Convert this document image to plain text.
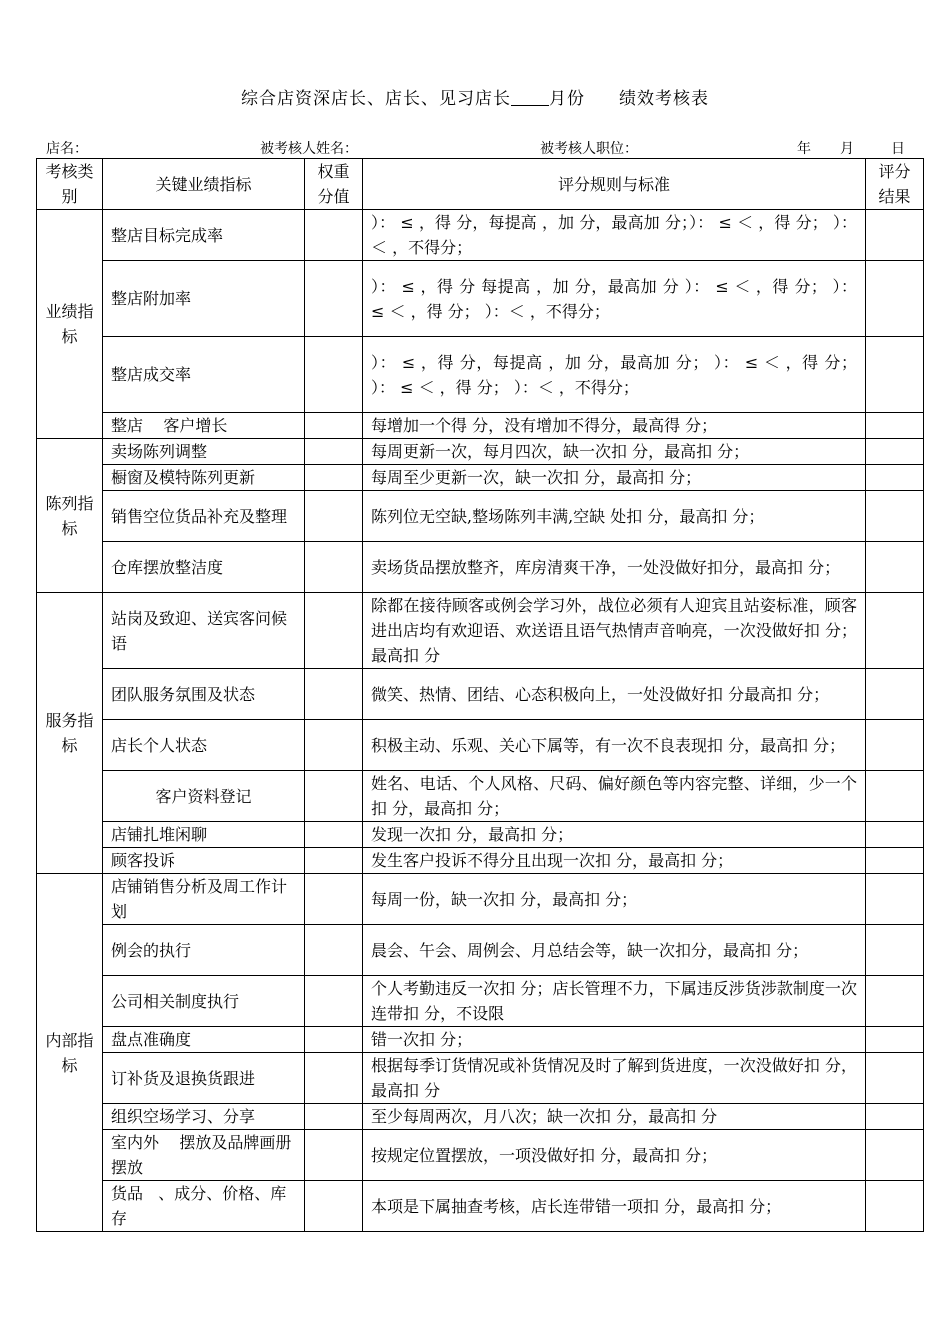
综合店资深店长、店长、见习店长 月份 绩效考核表
店名：	被考核人姓名：	被考核人职位：	年 月	日
考核类别	关键业绩指标	权重分值	评分规则与标准	评分结果
业绩指标	整店目标完成率		）： ≤ ，得 分，每提高 ，加 分，最高加 分；）： ≤ ＜ ，得 分； ）：＜ ，不得分；	
	整店附加率		）： ≤ ，得 分 每提高 ，加 分，最高加 分 ）： ≤ ＜ ，得 分； ）： ≤ ＜ ，得 分； ）：＜ ，不得分；	
	整店成交率		）： ≤ ，得 分，每提高 ，加 分，最高加 分； ）： ≤ ＜ ，得 分； ）： ≤ ＜ ，得 分； ）：＜ ，不得分；	
	整店    客户增长		每增加一个得 分，没有增加不得分，最高得 分；	
陈列指标	卖场陈列调整		每周更新一次，每月四次，缺一次扣 分，最高扣 分；	
	橱窗及模特陈列更新		每周至少更新一次，缺一次扣 分，最高扣 分；	
	销售空位货品补充及整理		陈列位无空缺,整场陈列丰满,空缺 处扣 分，最高扣 分；	
	仓库摆放整洁度		卖场货品摆放整齐，库房清爽干净，一处没做好扣分，最高扣 分；	
服务指标	站岗及致迎、送宾客问候语		除都在接待顾客或例会学习外，战位必须有人迎宾且站姿标准，顾客进出店均有欢迎语、欢送语且语气热情声音响亮，一次没做好扣 分；最高扣 分	
	团队服务氛围及状态		微笑、热情、团结、心态积极向上，一处没做好扣 分最高扣 分；	
	店长个人状态		积极主动、乐观、关心下属等，有一次不良表现扣 分，最高扣 分；	
	客户资料登记		姓名、电话、个人风格、尺码、偏好颜色等内容完整、详细，少一个扣 分，最高扣 分；	
	店铺扎堆闲聊		发现一次扣 分，最高扣 分；	
	顾客投诉		发生客户投诉不得分且出现一次扣 分，最高扣 分；	
内部指标	店铺销售分析及周工作计划		每周一份，缺一次扣 分，最高扣 分；	
	例会的执行		晨会、午会、周例会、月总结会等，缺一次扣分，最高扣 分；	
	公司相关制度执行		个人考勤违反一次扣 分；店长管理不力，下属违反涉货涉款制度一次连带扣 分，不设限	
	盘点准确度		错一次扣 分；	
	订补货及退换货跟进		根据每季订货情况或补货情况及时了解到货进度，一次没做好扣 分，最高扣 分	
	组织空场学习、分享		至少每周两次，月八次；缺一次扣 分，最高扣 分	
	室内外    摆放及品牌画册摆放		按规定位置摆放，一项没做好扣 分，最高扣 分；	
	货品   、成分、价格、库存		本项是下属抽查考核，店长连带错一项扣 分，最高扣 分；	
